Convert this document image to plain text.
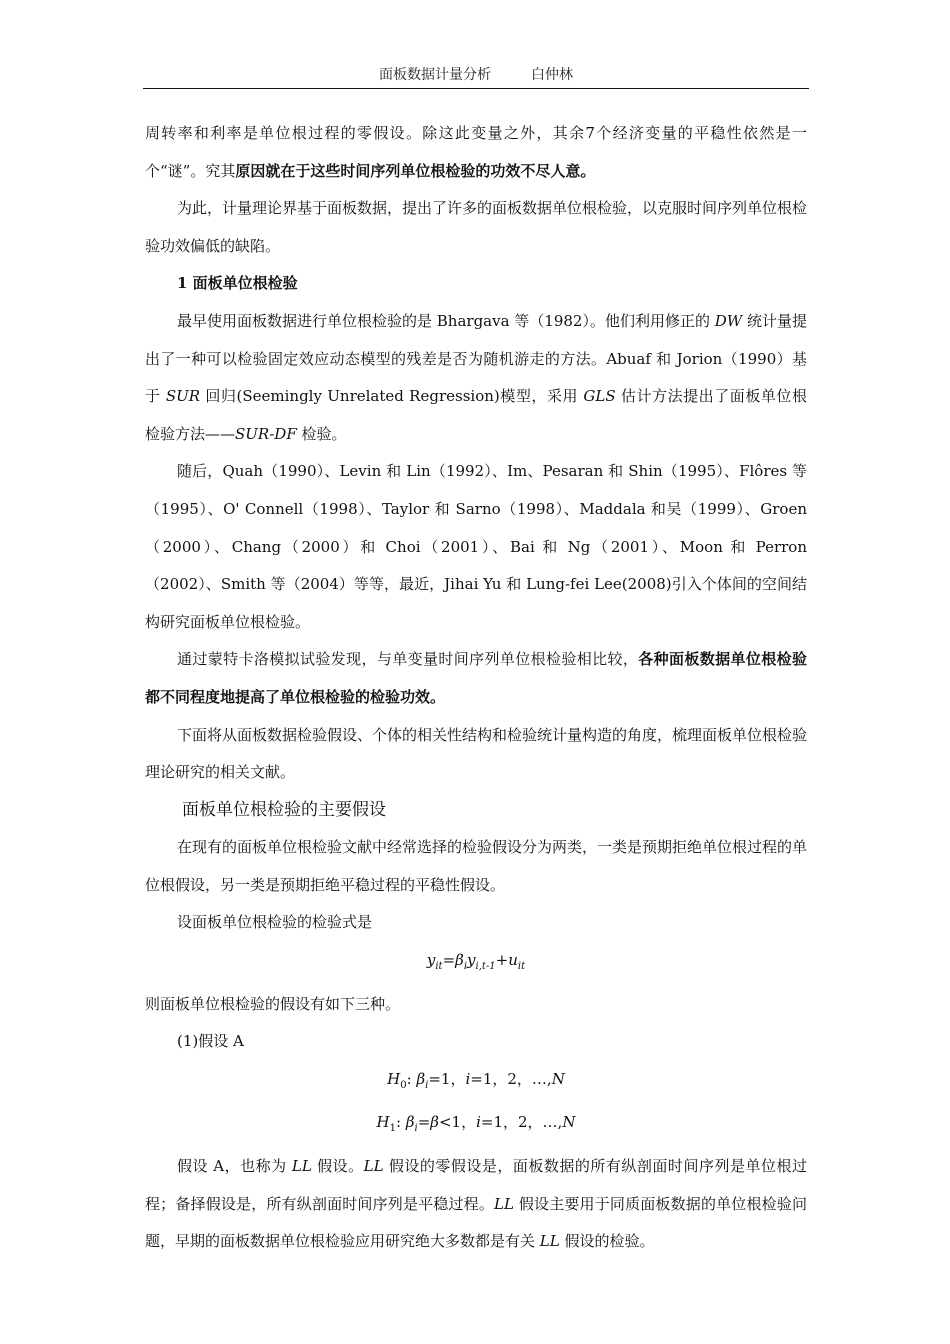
面板数据计量分析	白仲林

周转率和利率是单位根过程的零假设。除这此变量之外，其余7个经济变量的平稳性依然是一个“谜”。究其原因就在于这些时间序列单位根检验的功效不尽人意。

为此，计量理论界基于面板数据，提出了许多的面板数据单位根检验，以克服时间序列单位根检验功效偏低的缺陷。

1 面板单位根检验

最早使用面板数据进行单位根检验的是 Bhargava 等（1982）。他们利用修正的 DW 统计量提出了一种可以检验固定效应动态模型的残差是否为随机游走的方法。Abuaf 和 Jorion（1990）基于 SUR 回归(Seemingly Unrelated Regression)模型，采用 GLS 估计方法提出了面板单位根检验方法——SUR-DF 检验。

随后，Quah（1990）、Levin 和 Lin（1992）、Im、Pesaran 和 Shin（1995）、Flôres 等（1995）、O' Connell（1998）、Taylor 和 Sarno（1998）、Maddala 和吴（1999）、Groen（2000）、Chang（2000）和 Choi（2001）、Bai 和 Ng（2001）、Moon 和 Perron（2002）、Smith 等（2004）等等，最近，Jihai Yu 和 Lung-fei Lee(2008)引入个体间的空间结构研究面板单位根检验。

通过蒙特卡洛模拟试验发现，与单变量时间序列单位根检验相比较，各种面板数据单位根检验都不同程度地提高了单位根检验的检验功效。

下面将从面板数据检验假设、个体的相关性结构和检验统计量构造的角度，梳理面板单位根检验理论研究的相关文献。

面板单位根检验的主要假设

在现有的面板单位根检验文献中经常选择的检验假设分为两类，一类是预期拒绝单位根过程的单位根假设，另一类是预期拒绝平稳过程的平稳性假设。

设面板单位根检验的检验式是

$y_{it}=\beta_iy_{i,t-1}+u_{it}$

则面板单位根检验的假设有如下三种。

(1)假设 A

$H_0$: $\beta_i=1$，i=1，2，…,N

$H_1$: $\beta_i=\beta<1$，i=1，2，…,N

假设 A，也称为 LL 假设。LL 假设的零假设是，面板数据的所有纵剖面时间序列是单位根过程；备择假设是，所有纵剖面时间序列是平稳过程。LL 假设主要用于同质面板数据的单位根检验问题，早期的面板数据单位根检验应用研究绝大多数都是有关 LL 假设的检验。
